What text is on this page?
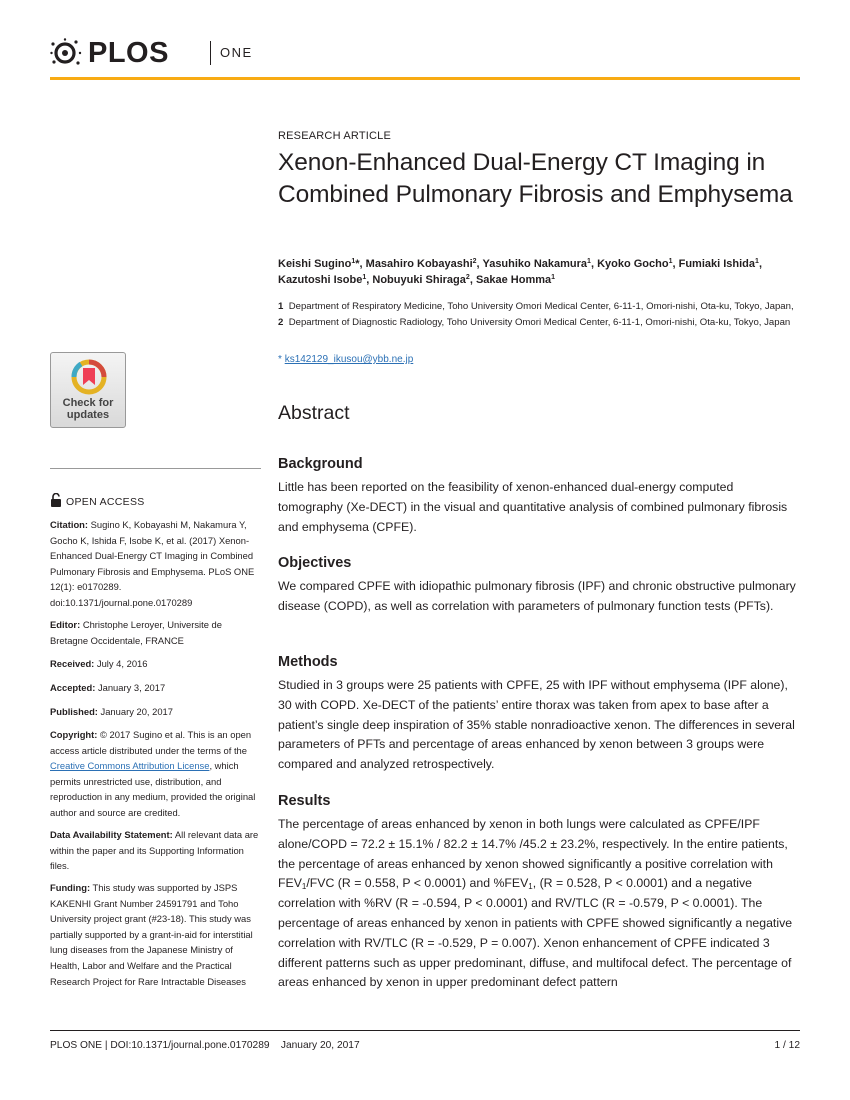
PLOS	ONE
Check for
updates
OPEN ACCESS
Citation: Sugino K, Kobayashi M, Nakamura Y, Gocho K, Ishida F, Isobe K, et al. (2017) Xenon-Enhanced Dual-Energy CT Imaging in Combined Pulmonary Fibrosis and Emphysema. PLoS ONE 12(1): e0170289. doi:10.1371/journal.pone.0170289
Editor: Christophe Leroyer, Universite de Bretagne Occidentale, FRANCE
Received: July 4, 2016
Accepted: January 3, 2017
Published: January 20, 2017
Copyright: © 2017 Sugino et al. This is an open access article distributed under the terms of the Creative Commons Attribution License, which permits unrestricted use, distribution, and reproduction in any medium, provided the original author and source are credited.
Data Availability Statement: All relevant data are within the paper and its Supporting Information files.
Funding: This study was supported by JSPS KAKENHI Grant Number 24591791 and Toho University project grant (#23-18). This study was partially supported by a grant-in-aid for interstitial lung diseases from the Japanese Ministry of Health, Labor and Welfare and the Practical Research Project for Rare Intractable Diseases
RESEARCH ARTICLE
Xenon-Enhanced Dual-Energy CT Imaging in Combined Pulmonary Fibrosis and Emphysema
Keishi Sugino$^1$*, Masahiro Kobayashi$^2$, Yasuhiko Nakamura$^1$, Kyoko Gocho$^1$, Fumiaki Ishida$^1$, Kazutoshi Isobe$^1$, Nobuyuki Shiraga$^2$, Sakae Homma$^1$
1 Department of Respiratory Medicine, Toho University Omori Medical Center, 6-11-1, Omori-nishi, Ota-ku, Tokyo, Japan, 2 Department of Diagnostic Radiology, Toho University Omori Medical Center, 6-11-1, Omori-nishi, Ota-ku, Tokyo, Japan
* ks142129_ikusou@ybb.ne.jp
Abstract
Background

Little has been reported on the feasibility of xenon-enhanced dual-energy computed tomography (Xe-DECT) in the visual and quantitative analysis of combined pulmonary fibrosis and emphysema (CPFE).

Objectives

We compared CPFE with idiopathic pulmonary fibrosis (IPF) and chronic obstructive pulmonary disease (COPD), as well as correlation with parameters of pulmonary function tests (PFTs).

Methods

Studied in 3 groups were 25 patients with CPFE, 25 with IPF without emphysema (IPF alone), 30 with COPD. Xe-DECT of the patients’ entire thorax was taken from apex to base after a patient’s single deep inspiration of 35% stable nonradioactive xenon. The differences in several parameters of PFTs and percentage of areas enhanced by xenon between 3 groups were compared and analyzed retrospectively.

Results

The percentage of areas enhanced by xenon in both lungs were calculated as CPFE/IPF alone/COPD = 72.2 ± 15.1% / 82.2 ± 14.7% /45.2 ± 23.2%, respectively. In the entire patients, the percentage of areas enhanced by xenon showed significantly a positive correlation with $FEV_1$/FVC (R = 0.558, P < 0.0001) and $\%FEV_1$, (R = 0.528, P < 0.0001) and a negative correlation with %RV (R = -0.594, P < 0.0001) and RV/TLC (R = -0.579, P < 0.0001). The percentage of areas enhanced by xenon in patients with CPFE showed significantly a negative correlation with RV/TLC (R = -0.529, P = 0.007). Xenon enhancement of CPFE indicated 3 different patterns such as upper predominant, diffuse, and multifocal defect. The percentage of areas enhanced by xenon in upper predominant defect pattern

PLOS ONE | DOI:10.1371/journal.pone.0170289    January 20, 2017	1 / 12
